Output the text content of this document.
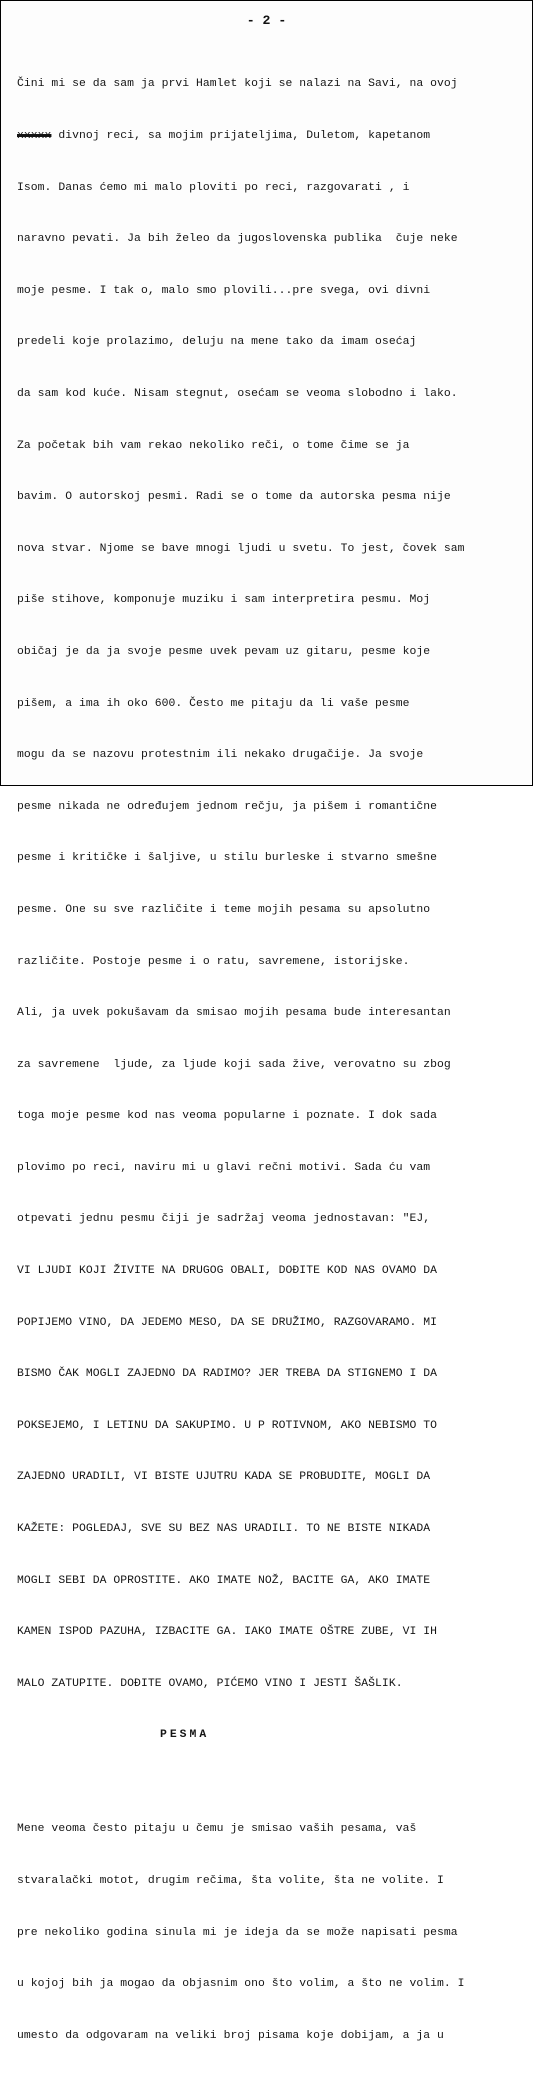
- 2 -

Čini mi se da sam ja prvi Hamlet koji se nalazi na Savi, na ovoj

xxxxx divnoj reci, sa mojim prijateljima, Duletom, kapetanom

Isom. Danas ćemo mi malo ploviti po reci, razgovarati , i

naravno pevati. Ja bih želeo da jugoslovenska publika  čuje neke

moje pesme. I tak o, malo smo plovili...pre svega, ovi divni

predeli koje prolazimo, deluju na mene tako da imam osećaj

da sam kod kuće. Nisam stegnut, osećam se veoma slobodno i lako.

Za početak bih vam rekao nekoliko reči, o tome čime se ja

bavim. O autorskoj pesmi. Radi se o tome da autorska pesma nije

nova stvar. Njome se bave mnogi ljudi u svetu. To jest, čovek sam

piše stihove, komponuje muziku i sam interpretira pesmu. Moj

običaj je da ja svoje pesme uvek pevam uz gitaru, pesme koje

pišem, a ima ih oko 600. Često me pitaju da li vaše pesme

mogu da se nazovu protestnim ili nekako drugačije. Ja svoje

pesme nikada ne određujem jednom rečju, ja pišem i romantične

pesme i kritičke i šaljive, u stilu burleske i stvarno smešne

pesme. One su sve različite i teme mojih pesama su apsolutno

različite. Postoje pesme i o ratu, savremene, istorijske.

Ali, ja uvek pokušavam da smisao mojih pesama bude interesantan

za savremene  ljude, za ljude koji sada žive, verovatno su zbog

toga moje pesme kod nas veoma popularne i poznate. I dok sada

plovimo po reci, naviru mi u glavi rečni motivi. Sada ću vam

otpevati jednu pesmu čiji je sadržaj veoma jednostavan: "EJ,

VI LJUDI KOJI ŽIVITE NA DRUGOG OBALI, DOĐITE KOD NAS OVAMO DA

POPIJEMO VINO, DA JEDEMO MESO, DA SE DRUŽIMO, RAZGOVARAMO. MI

BISMO ČAK MOGLI ZAJEDNO DA RADIMO? JER TREBA DA STIGNEMO I DA

POKSEJEMO, I LETINU DA SAKUPIMO. U P ROTIVNOM, AKO NEBISMO TO

ZAJEDNO URADILI, VI BISTE UJUTRU KADA SE PROBUDITE, MOGLI DA

KAŽETE: POGLEDAJ, SVE SU BEZ NAS URADILI. TO NE BISTE NIKADA

MOGLI SEBI DA OPROSTITE. AKO IMATE NOŽ, BACITE GA, AKO IMATE

KAMEN ISPOD PAZUHA, IZBACITE GA. IAKO IMATE OŠTRE ZUBE, VI IH

MALO ZATUPITE. DOĐITE OVAMO, PIĆEMO VINO I JESTI ŠAŠLIK.

PESMA

Mene veoma često pitaju u čemu je smisao vaših pesama, vaš

stvaralački motot, drugim rečima, šta volite, šta ne volite. I

pre nekoliko godina sinula mi je ideja da se može napisati pesma

u kojoj bih ja mogao da objasnim ono što volim, a što ne volim. I

umesto da odgovaram na veliki broj pisama koje dobijam, a ja u
